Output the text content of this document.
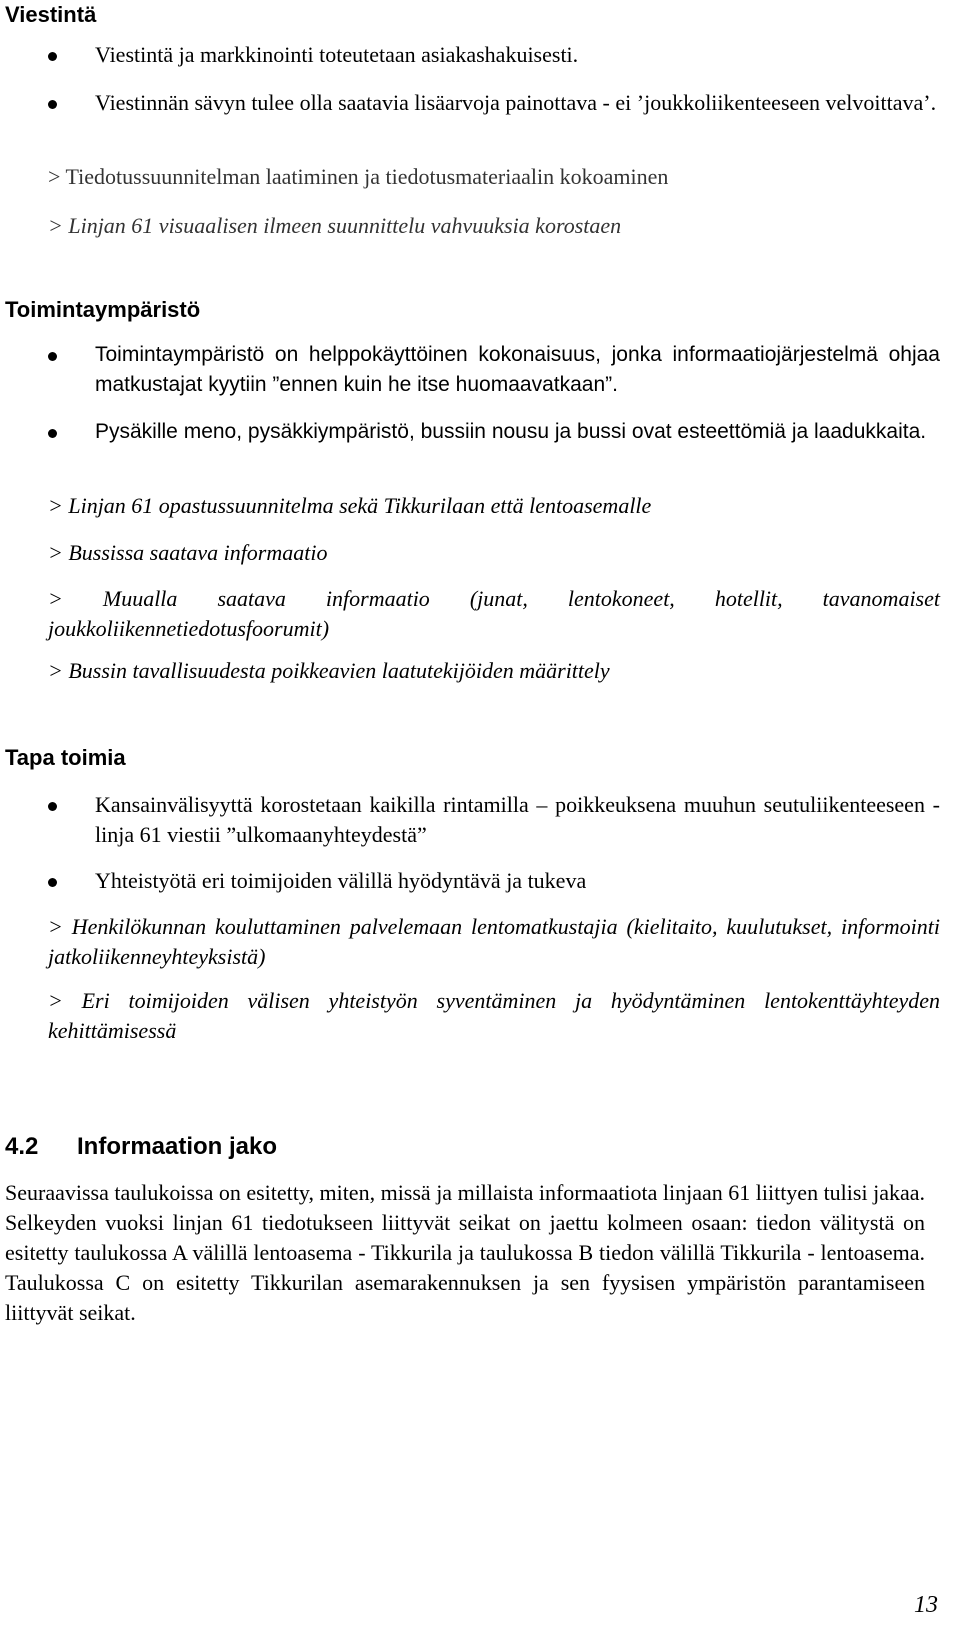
Viestintä
Viestintä ja markkinointi toteutetaan asiakashakuisesti.
Viestinnän sävyn tulee olla saatavia lisäarvoja painottava - ei ’joukkoliikenteeseen velvoittava’.
> Tiedotussuunnitelman laatiminen ja tiedotusmateriaalin kokoaminen
> Linjan 61 visuaalisen ilmeen suunnittelu vahvuuksia korostaen
Toimintaympäristö
Toimintaympäristö on helppokäyttöinen kokonaisuus, jonka informaatiojärjestelmä ohjaa matkustajat kyytiin ”ennen kuin he itse huomaavatkaan”.
Pysäkille meno, pysäkkiympäristö, bussiin nousu ja bussi ovat esteettömiä ja laadukkaita.
> Linjan 61 opastussuunnitelma sekä Tikkurilaan että lentoasemalle
> Bussissa saatava informaatio
> Muualla saatava informaatio (junat, lentokoneet, hotellit, tavanomaiset joukkoliikennetiedotusfoorumit)
> Bussin tavallisuudesta poikkeavien laatutekijöiden määrittely
Tapa toimia
Kansainvälisyyttä korostetaan kaikilla rintamilla – poikkeuksena muuhun seutuliikenteeseen - linja 61 viestii ”ulkomaanyhteydestä”
Yhteistyötä eri toimijoiden välillä hyödyntävä ja tukeva
> Henkilökunnan kouluttaminen palvelemaan lentomatkustajia (kielitaito, kuulutukset, informointi jatkoliikenneyhteyksistä)
> Eri toimijoiden välisen yhteistyön syventäminen ja hyödyntäminen lentokenttäyhteyden kehittämisessä
4.2 Informaation jako
Seuraavissa taulukoissa on esitetty, miten, missä ja millaista informaatiota linjaan 61 liittyen tulisi jakaa. Selkeyden vuoksi linjan 61 tiedotukseen liittyvät seikat on jaettu kolmeen osaan: tiedon välitystä on esitetty taulukossa A välillä lentoasema - Tikkurila ja taulukossa B tiedon välillä Tikkurila - lentoasema. Taulukossa C on esitetty Tikkurilan asemarakennuksen ja sen fyysisen ympäristön parantamiseen liittyvät seikat.
13
